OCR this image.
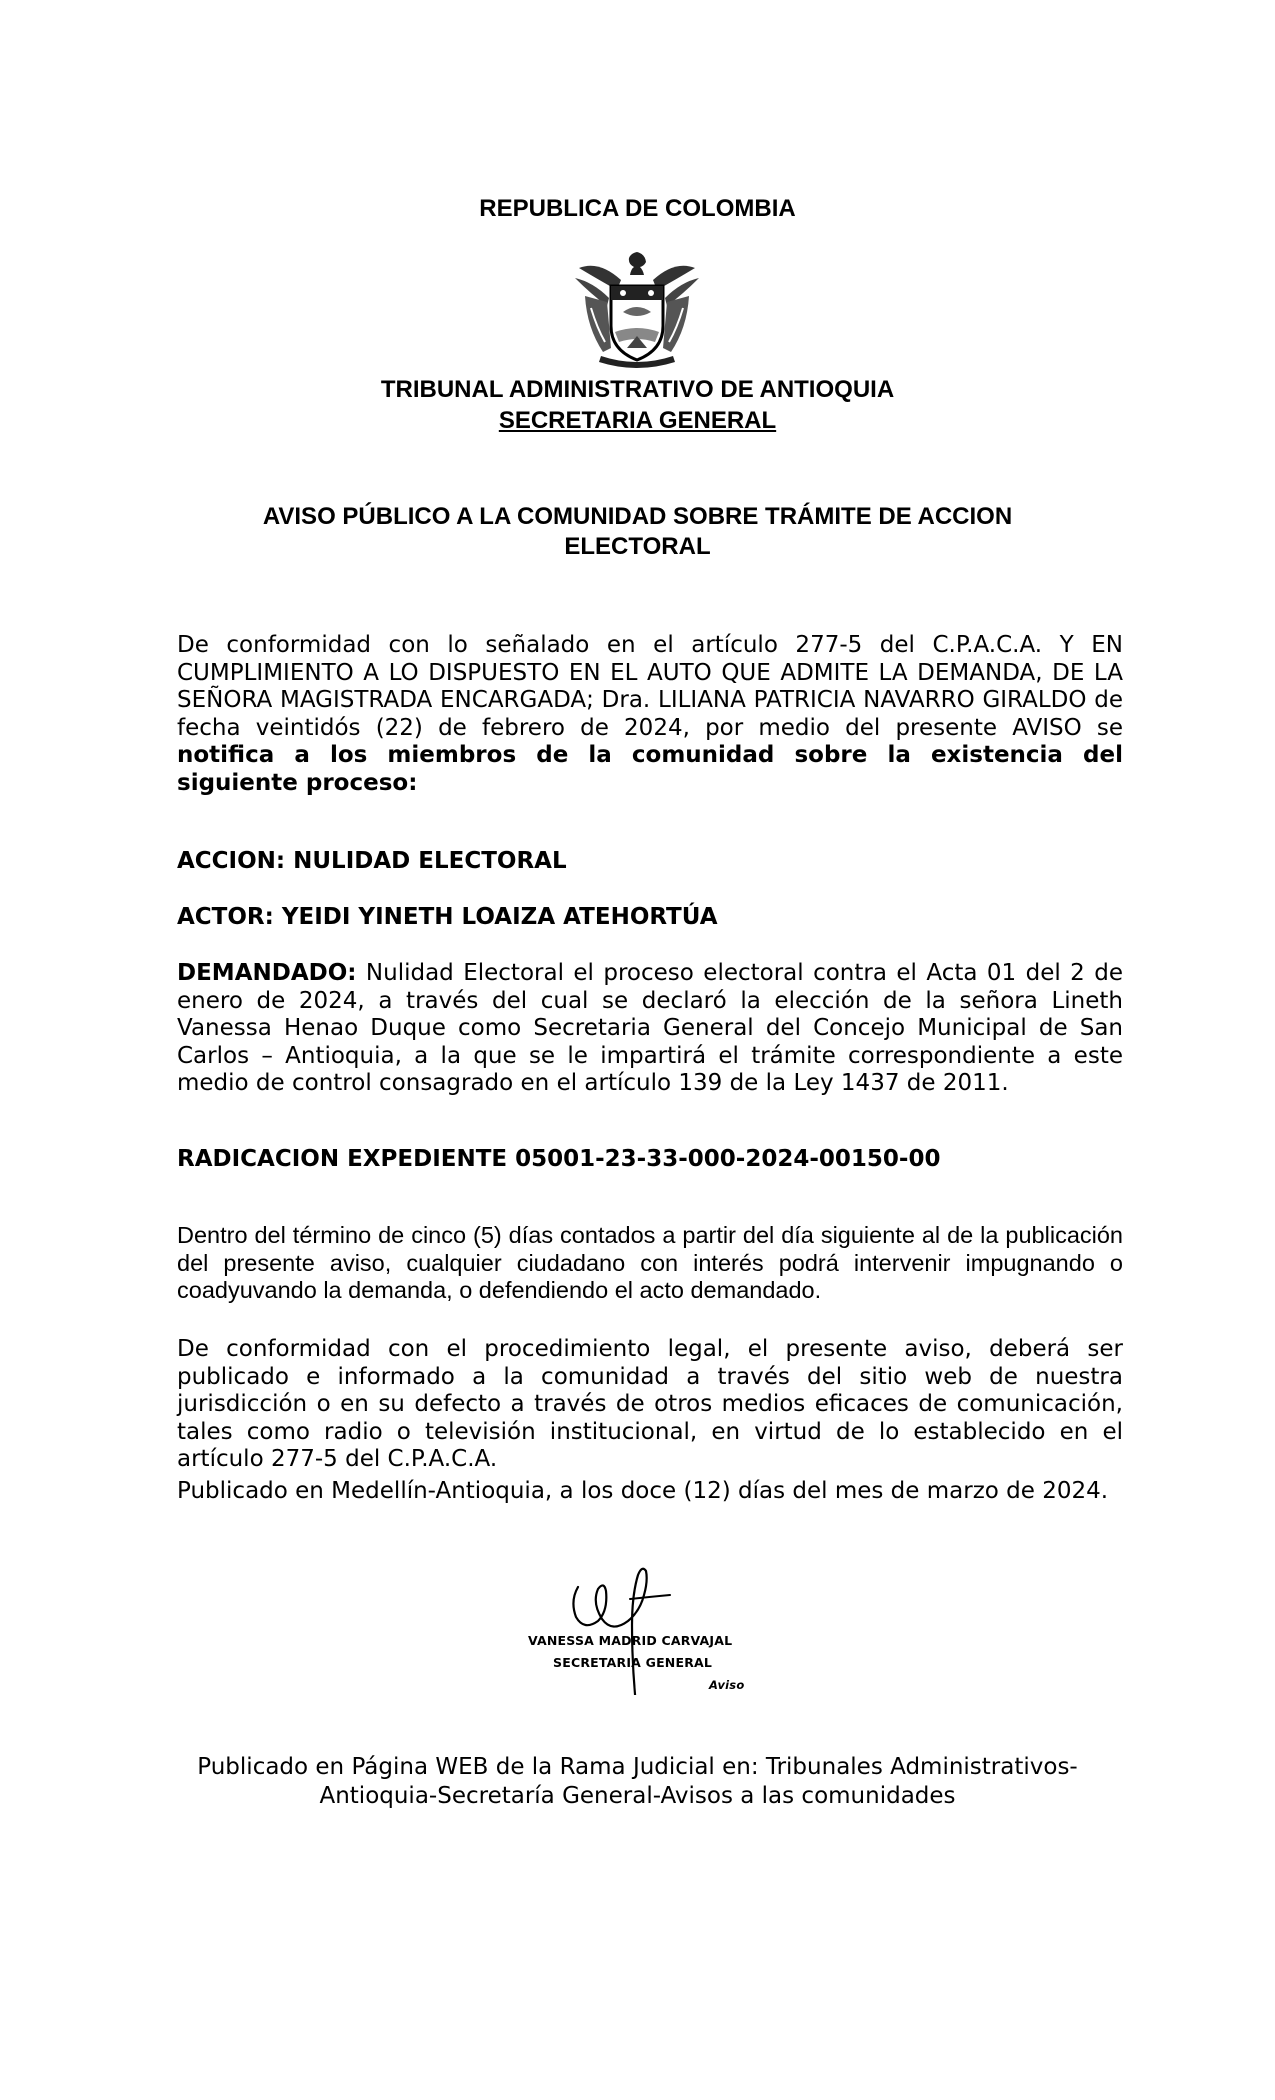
REPUBLICA DE COLOMBIA
TRIBUNAL ADMINISTRATIVO DE ANTIOQUIA
SECRETARIA GENERAL
AVISO PÚBLICO A LA COMUNIDAD SOBRE TRÁMITE DE ACCION
ELECTORAL
De conformidad con lo señalado en el artículo 277-5 del C.P.A.C.A. Y EN CUMPLIMIENTO A LO DISPUESTO EN EL AUTO QUE ADMITE LA DEMANDA, DE LA SEÑORA MAGISTRADA ENCARGADA; Dra. LILIANA PATRICIA NAVARRO GIRALDO de fecha veintidós (22) de febrero de 2024, por medio del presente AVISO se notifica a los miembros de la comunidad sobre la existencia del siguiente proceso:
ACCION: NULIDAD ELECTORAL
ACTOR: YEIDI YINETH LOAIZA ATEHORTÚA
DEMANDADO: Nulidad Electoral el proceso electoral contra el Acta 01 del 2 de enero de 2024, a través del cual se declaró la elección de la señora Lineth Vanessa Henao Duque como Secretaria General del Concejo Municipal de San Carlos – Antioquia, a la que se le impartirá el trámite correspondiente a este medio de control consagrado en el artículo 139 de la Ley 1437 de 2011.
RADICACION EXPEDIENTE 05001-23-33-000-2024-00150-00
Dentro del término de cinco (5) días contados a partir del día siguiente al de la publicación del presente aviso, cualquier ciudadano con interés podrá intervenir impugnando o coadyuvando la demanda, o defendiendo el acto demandado.
De conformidad con el procedimiento legal, el presente aviso, deberá ser publicado e informado a la comunidad a través del sitio web de nuestra jurisdicción o en su defecto a través de otros medios eficaces de comunicación, tales como radio o televisión institucional, en virtud de lo establecido en el artículo 277-5 del C.P.A.C.A.
Publicado en Medellín-Antioquia, a los doce (12) días del mes de marzo de 2024.
VANESSA MADRID CARVAJAL
SECRETARIA GENERAL
Aviso
Publicado en Página WEB de la Rama Judicial en: Tribunales Administrativos-
Antioquia-Secretaría General-Avisos a las comunidades
